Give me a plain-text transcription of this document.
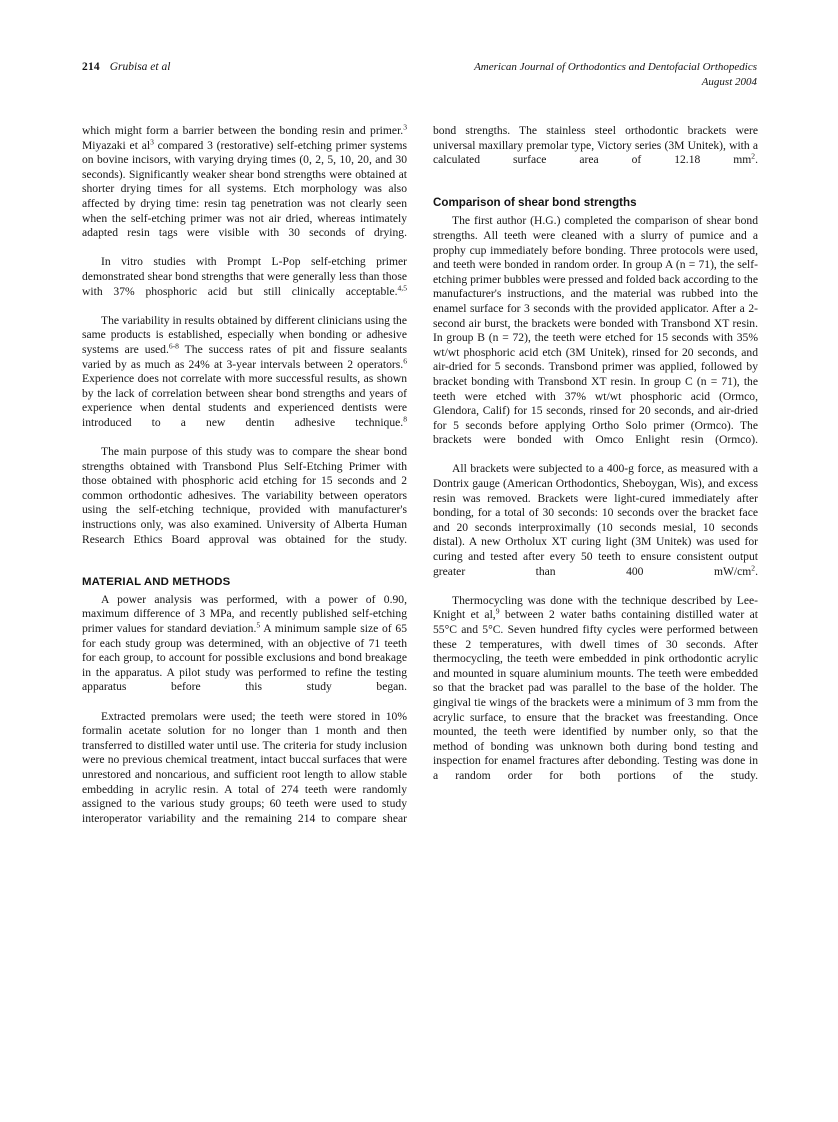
214 Grubisa et al	American Journal of Orthodontics and Dentofacial Orthopedics
August 2004

which might form a barrier between the bonding resin and primer.$^3$ Miyazaki et $al^3$ compared 3 (restorative) self-etching primer systems on bovine incisors, with varying drying times (0, 2, 5, 10, 20, and 30 seconds). Significantly weaker shear bond strengths were obtained at shorter drying times for all systems. Etch morphology was also affected by drying time: resin tag penetration was not clearly seen when the self-etching primer was not air dried, whereas intimately adapted resin tags were visible with 30 seconds of drying.

In vitro studies with Prompt L-Pop self-etching primer demonstrated shear bond strengths that were generally less than those with 37% phosphoric acid but still clinically acceptable.$^{4,5}$

The variability in results obtained by different clinicians using the same products is established, especially when bonding or adhesive systems are used.$^{6-8}$ The success rates of pit and fissure sealants varied by as much as 24% at 3-year intervals between 2 operators.$^6$ Experience does not correlate with more successful results, as shown by the lack of correlation between shear bond strengths and years of experience when dental students and experienced dentists were introduced to a new dentin adhesive technique.$^8$

The main purpose of this study was to compare the shear bond strengths obtained with Transbond Plus Self-Etching Primer with those obtained with phosphoric acid etching for 15 seconds and 2 common orthodontic adhesives. The variability between operators using the self-etching technique, provided with manufacturer's instructions only, was also examined. University of Alberta Human Research Ethics Board approval was obtained for the study.

MATERIAL AND METHODS

A power analysis was performed, with a power of 0.90, maximum difference of 3 MPa, and recently published self-etching primer values for standard deviation.$^5$ A minimum sample size of 65 for each study group was determined, with an objective of 71 teeth for each group, to account for possible exclusions and bond breakage in the apparatus. A pilot study was performed to refine the testing apparatus before this study began.

Extracted premolars were used; the teeth were stored in 10% formalin acetate solution for no longer than 1 month and then transferred to distilled water until use. The criteria for study inclusion were no previous chemical treatment, intact buccal surfaces that were unrestored and noncarious, and sufficient root length to allow stable embedding in acrylic resin. A total of 274 teeth were randomly assigned to the various study groups; 60 teeth were used to study interoperator variability and the remaining 214 to compare shear

bond strengths. The stainless steel orthodontic brackets were universal maxillary premolar type, Victory series (3M Unitek), with a calculated surface area of 12.18 $mm^2$.

Comparison of shear bond strengths

The first author (H.G.) completed the comparison of shear bond strengths. All teeth were cleaned with a slurry of pumice and a prophy cup immediately before bonding. Three protocols were used, and teeth were bonded in random order. In group A (n = 71), the self-etching primer bubbles were pressed and folded back according to the manufacturer's instructions, and the material was rubbed into the enamel surface for 3 seconds with the provided applicator. After a 2-second air burst, the brackets were bonded with Transbond XT resin. In group B (n = 72), the teeth were etched for 15 seconds with 35% wt/wt phosphoric acid etch (3M Unitek), rinsed for 20 seconds, and air-dried for 5 seconds. Transbond primer was applied, followed by bracket bonding with Transbond XT resin. In group C (n = 71), the teeth were etched with 37% wt/wt phosphoric acid (Ormco, Glendora, Calif) for 15 seconds, rinsed for 20 seconds, and air-dried for 5 seconds before applying Ortho Solo primer (Ormco). The brackets were bonded with Omco Enlight resin (Ormco).

All brackets were subjected to a 400-g force, as measured with a Dontrix gauge (American Orthodontics, Sheboygan, Wis), and excess resin was removed. Brackets were light-cured immediately after bonding, for a total of 30 seconds: 10 seconds over the bracket face and 20 seconds interproximally (10 seconds mesial, 10 seconds distal). A new Ortholux XT curing light (3M Unitek) was used for curing and tested after every 50 teeth to ensure consistent output greater than 400 $mW/cm^2$.

Thermocycling was done with the technique described by Lee-Knight et al,$^9$ between 2 water baths containing distilled water at 55°C and 5°C. Seven hundred fifty cycles were performed between these 2 temperatures, with dwell times of 30 seconds. After thermocycling, the teeth were embedded in pink orthodontic acrylic and mounted in square aluminium mounts. The teeth were embedded so that the bracket pad was parallel to the base of the holder. The gingival tie wings of the brackets were a minimum of 3 mm from the acrylic surface, to ensure that the bracket was freestanding. Once mounted, the teeth were identified by number only, so that the method of bonding was unknown both during bond testing and inspection for enamel fractures after debonding. Testing was done in a random order for both portions of the study.
